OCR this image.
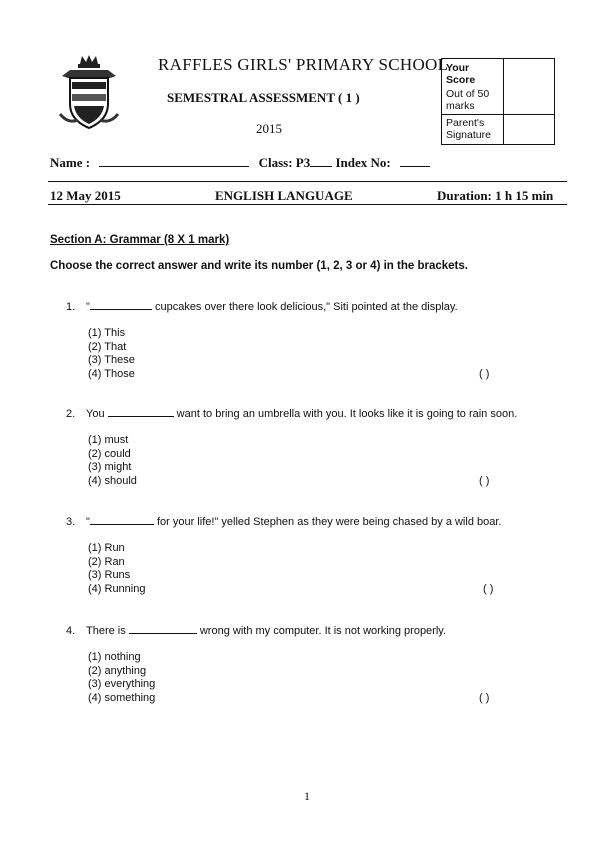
RAFFLES GIRLS' PRIMARY SCHOOL
SEMESTRAL ASSESSMENT ( 1 )
2015
Your Score
Out of 50 marks
Parent's Signature
Name :	Class: P3 Index No:
12 May 2015	ENGLISH LANGUAGE	Duration: 1 h 15 min
Section A: Grammar (8 X 1 mark)
Choose the correct answer and write its number (1, 2, 3 or 4) in the brackets.
1. "	cupcakes over there look delicious," Siti pointed at the display.
(1) This
(2) That
(3) These
(4) Those	( )
2. You	want to bring an umbrella with you. It looks like it is going to rain soon.
(1) must
(2) could
(3) might
(4) should	( )
3. "	for your life!" yelled Stephen as they were being chased by a wild boar.
(1) Run
(2) Ran
(3) Runs
(4) Running	( )
4. There is	wrong with my computer. It is not working properly.
(1) nothing
(2) anything
(3) everything
(4) something	( )
1
